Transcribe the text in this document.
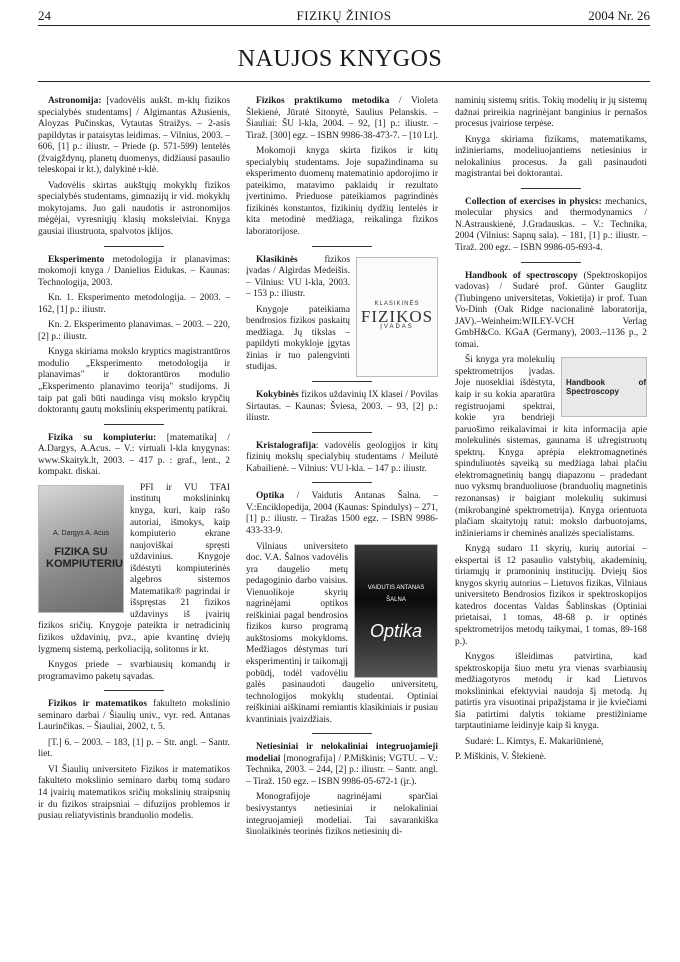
24	FIZIKŲ ŽINIOS	2004 Nr. 26
NAUJOS KNYGOS

Astronomija: [vadovėlis aukšt. m-klų fizikos specialybės studentams] / Algimantas Ažusienis, Aloyzas Pučinskas, Vytautas Straižys. – 2-asis papildytas ir pataisytas leidimas. – Vilnius, 2003. – 606, [1] p.: iliustr. – Priede (p. 571-599) lentelės (žvaigždynų, planetų duomenys, didžiausi pasaulio teleskopai ir kt.), dalykinė r-klė.

Vadovėlis skirtas aukštųjų mokyklų fizikos specialybės studentams, gimnazijų ir vid. mokyklų mokytojams. Juo gali naudotis ir astronomijos mėgėjai, vyresniųjų klasių moksleiviai. Knyga gausiai iliustruota, spalvotos įklijos.

Eksperimento metodologija ir planavimas: mokomoji knyga / Danielius Eidukas. – Kaunas: Technologija, 2003.

Kn. 1. Eksperimento metodologija. – 2003. – 162, [1] p.: iliustr.

Kn. 2. Eksperimento planavimas. – 2003. – 220, [2] p.: iliustr.

Knyga skiriama mokslo kryptics magistrantūros modulio „Eksperimento metodologija ir planavimas" ir doktorantūros modulio „Eksperimento planavimo teorija" studijoms. Ji taip pat gali būti naudinga visų mokslo krypčių doktorantų gautų mokslinių eksperimentų patikrai.

Fizika su kompiuteriu: [matematika] / A.Dargys, A.Acus. – V.: virtuali l-kla knygynas: www.Skaityk.lt, 2003. – 417 p. : graf., lent., 2 kompakt. diskai.

A. Dargys A. Acus
FIZIKA SU KOMPIUTERIU

PFI ir VU TFAI institutų mokslininkų knyga, kuri, kaip rašo autoriai, išmokys, kaip kompiuterio ekrane naujoviškai spręsti uždavinius. Knygoje išdėstyti kompiuterinės algebros sistemos Matematika® pagrindai ir išspręstas 21 fizikos uždavinys iš įvairių fizikos sričių. Knygoje pateikta ir netradicinių fizikos uždavinių, pvz., apie kvantinę dviejų lygmenų sistemą, perkoliaciją, solitonus ir kt.

Knygos priede – svarbiausių komandų ir programavimo paketų sąvadas.

Fizikos ir matematikos fakulteto mokslinio seminaro darbai / Šiaulių univ., vyr. red. Antanas Laurinčikas. – Šiauliai, 2002, t. 5.

[T.] 6. – 2003. – 183, [1] p. – Str. angl. – Santr. liet.

VI Šiaulių universiteto Fizikos ir matematikos fakulteto mokslinio seminaro darbų tomą sudaro 14 įvairių matematikos sričių mokslinių straipsnių ir du fizikos straipsniai – difuzijos problemos ir pusiau reliatyvistinis branduolio modelis.

Fizikos praktikumo metodika / Violeta Šlekienė, Jūratė Sitonytė, Saulius Pelanskis. – Šiauliai: ŠU l-kla, 2004. – 92, [1] p.: iliustr. – Tiraž. [300] egz. – ISBN 9986-38-473-7. – [10 Lt].

Mokomoji knyga skirta fizikos ir kitų specialybių studentams. Joje supažindinama su eksperimento duomenų matematinio apdorojimo ir pateikimo, matavimo paklaidų ir rezultato įvertinimo. Prieduose pateikiamos pagrindinės fizikinės konstantos, fizikinių dydžių lentelės ir kita metodinė medžiaga, reikalinga fizikos laboratorijose.

KLASIKINĖS
FIZIKOS
ĮVADAS

Klasikinės fizikos įvadas / Algirdas Medeišis. – Vilnius: VU l-kla, 2003. – 153 p.: iliustr.

Knygoje pateikiama bendrosios fizikos paskaitų medžiaga. Jų tikslas – papildyti mokykloje įgytas žinias ir tuo palengvinti studijas.

Kokybinės fizikos uždavinių IX klasei / Povilas Sirtautas. – Kaunas: Šviesa, 2003. – 93, [2] p.: iliustr.

Kristalografija: vadovėlis geologijos ir kitų fizinių mokslų specialybių studentams / Meilutė Kabailienė. – Vilnius: VU l-kla. – 147 p.: iliustr.

Optika / Vaidutis Antanas Šalna. – V.:Enciklopedija, 2004 (Kaunas: Spindulys) – 271, [1] p.: iliustr. – Tiražas 1500 egz. – ISBN 9986-433-33-9.

VAIDUTIS ANTANAS ŠALNA
Optika

Vilniaus universiteto doc. V.A. Šalnos vadovėlis yra daugelio metų pedagoginio darbo vaisius. Vienuolikoje skyrių nagrinėjami optikos reiškiniai pagal bendrosios fizikos kurso programą aukštosioms mokykloms. Medžiagos dėstymas turi eksperimentinį ir taikomąjį pobūdį, todėl vadovėliu galės pasinaudoti daugelio universitetų, technologijos mokyklų studentai. Optiniai reiškiniai aiškinami remiantis klasikiniais ir pusiau kvantiniais įvaizdžiais.

Netiesiniai ir nelokaliniai integruojamieji modeliai [monografija] / P.Miškinis; VGTU. – V.: Technika, 2003. – 244, [2] p.: iliustr. – Santr. angl. – Tiraž. 150 egz. – ISBN 9986-05-672-1 (įr.).

Monografijoje nagrinėjami sparčiai besivystantys netiesiniai ir nelokaliniai integruojamieji modeliai. Tai savarankiška šiuolaikinės teorinės fizikos netiesinių di-

naminių sistemų sritis. Tokių modelių ir jų sistemų dažnai prireikia nagrinėjant banginius ir pernašos procesus įvairiose terpėse.

Knyga skiriama fizikams, matematikams, inžinieriams, modeliuojantiems netiesinius ir nelokalinius procesus. Ja gali pasinaudoti magistrantai bei doktorantai.

Collection of exercises in physics: mechanics, molecular physics and thermodynamics / N.Astrauskienė, J.Gradauskas. – V.: Technika, 2004 (Vilnius: Sapnų sala). – 181, [1] p.: iliustr. –Tiraž. 200 egz. – ISBN 9986-05-693-4.

Handbook of spectroscopy (Spektroskopijos vadovas) / Sudarė prof. Günter Gauglitz (Tiubingeno universitetas, Vokietija) ir prof. Tuan Vo-Dinh (Oak Ridge nacionalinė laboratorija, JAV).–Weinheim:WILEY-VCH Verlag GmbH&Co. KGaA (Germany), 2003.–1136 p., 2 tomai.

Handbook of Spectroscopy

Ši knyga yra molekulių spektrometrijos įvadas. Joje nuosekliai išdėstyta, kaip ir su kokia aparatūra registruojami spektrai, kokie yra bendrieji paruošimo reikalavimai ir kita informacija apie molekulinės sistemas, gaunama iš užregistruotų spektrų. Knyga aprėpia elektromagnetinės spinduliuotės sąveiką su medžiaga labai plačiu elektromagnetinių bangų diapazonu – pradedant nuo vyksmų branduoliuose (branduolių magnetinis rezonansas) ir baigiant molekulių sukimusi (mikrobanginė spektrometrija). Knyga orientuota plačiam skaitytojų ratui: mokslo darbuotojams, inžinieriams ir cheminės analizės specialistams.

Knygą sudaro 11 skyrių, kurių autoriai – ekspertai iš 12 pasaulio valstybių, akademinių, tiriamųjų ir pramoninių institucijų. Dviejų šios knygos skyrių autorius – Lietuvos fizikas, Vilniaus universiteto Bendrosios fizikos ir spektroskopijos katedros docentas Valdas Šablinskas (Optiniai prietaisai, 1 tomas, 48-68 p. ir optinės spektrometrijos metodų taikymai, 1 tomas, 89-168 p.).

Knygos išleidimas patvirtina, kad spektroskopija šiuo metu yra vienas svarbiausių medžiagotyros metodų ir kad Lietuvos mokslininkai efektyviai naudoja šį metodą. Jų patirtis yra visuotinai pripažįstama ir jie kviečiami šia patirtimi dalytis tokiame prestižiniame tarptautiniame leidinyje kaip ši knyga.

Sudarė: L. Kimtys, E. Makariūnienė,

P. Miškinis, V. Šlekienė.
